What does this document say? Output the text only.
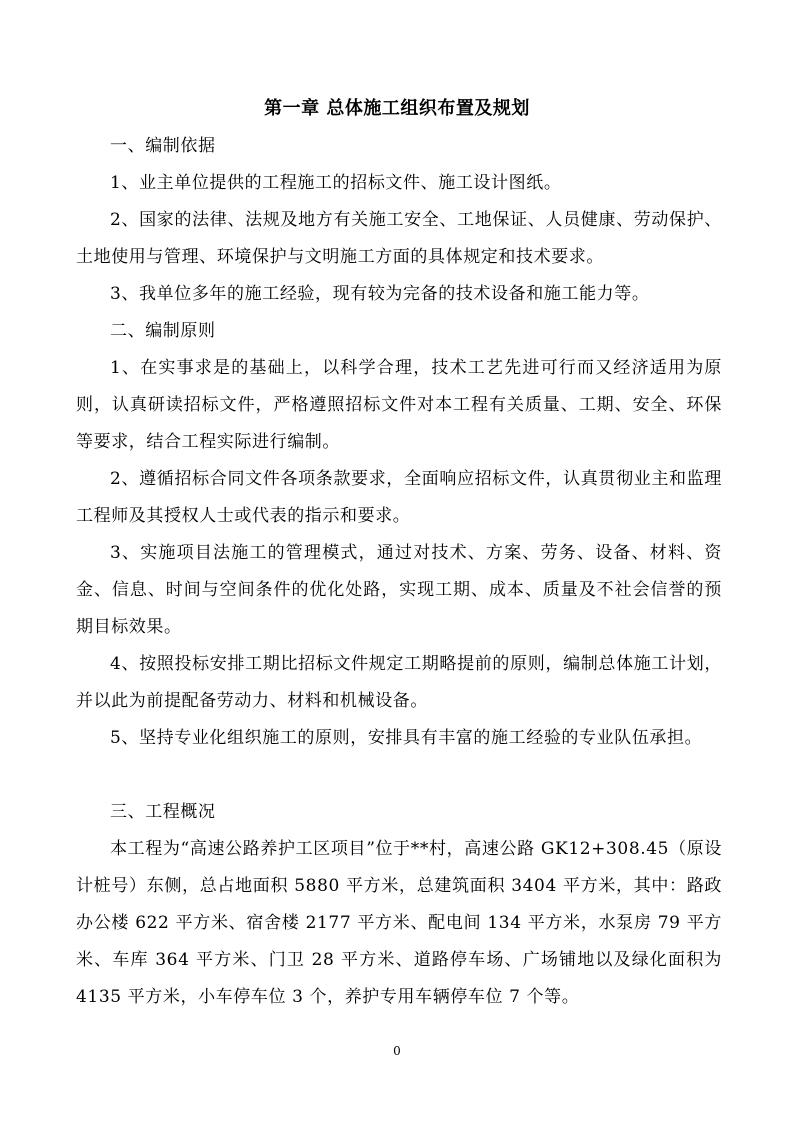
第一章 总体施工组织布置及规划

一、编制依据

1、业主单位提供的工程施工的招标文件、施工设计图纸。

2、国家的法律、法规及地方有关施工安全、工地保证、人员健康、劳动保护、土地使用与管理、环境保护与文明施工方面的具体规定和技术要求。

3、我单位多年的施工经验，现有较为完备的技术设备和施工能力等。

二、编制原则

1、在实事求是的基础上，以科学合理，技术工艺先进可行而又经济适用为原则，认真研读招标文件，严格遵照招标文件对本工程有关质量、工期、安全、环保等要求，结合工程实际进行编制。

2、遵循招标合同文件各项条款要求，全面响应招标文件，认真贯彻业主和监理工程师及其授权人士或代表的指示和要求。

3、实施项目法施工的管理模式，通过对技术、方案、劳务、设备、材料、资金、信息、时间与空间条件的优化处路，实现工期、成本、质量及不社会信誉的预期目标效果。

4、按照投标安排工期比招标文件规定工期略提前的原则，编制总体施工计划，并以此为前提配备劳动力、材料和机械设备。

5、坚持专业化组织施工的原则，安排具有丰富的施工经验的专业队伍承担。

三、工程概况

本工程为“高速公路养护工区项目”位于**村，高速公路 GK12+308.45（原设计桩号）东侧，总占地面积 5880 平方米，总建筑面积 3404 平方米，其中：路政办公楼 622 平方米、宿舍楼 2177 平方米、配电间 134 平方米，水泵房 79 平方米、车库 364 平方米、门卫 28 平方米、道路停车场、广场铺地以及绿化面积为 4135 平方米，小车停车位 3 个，养护专用车辆停车位 7 个等。

0
